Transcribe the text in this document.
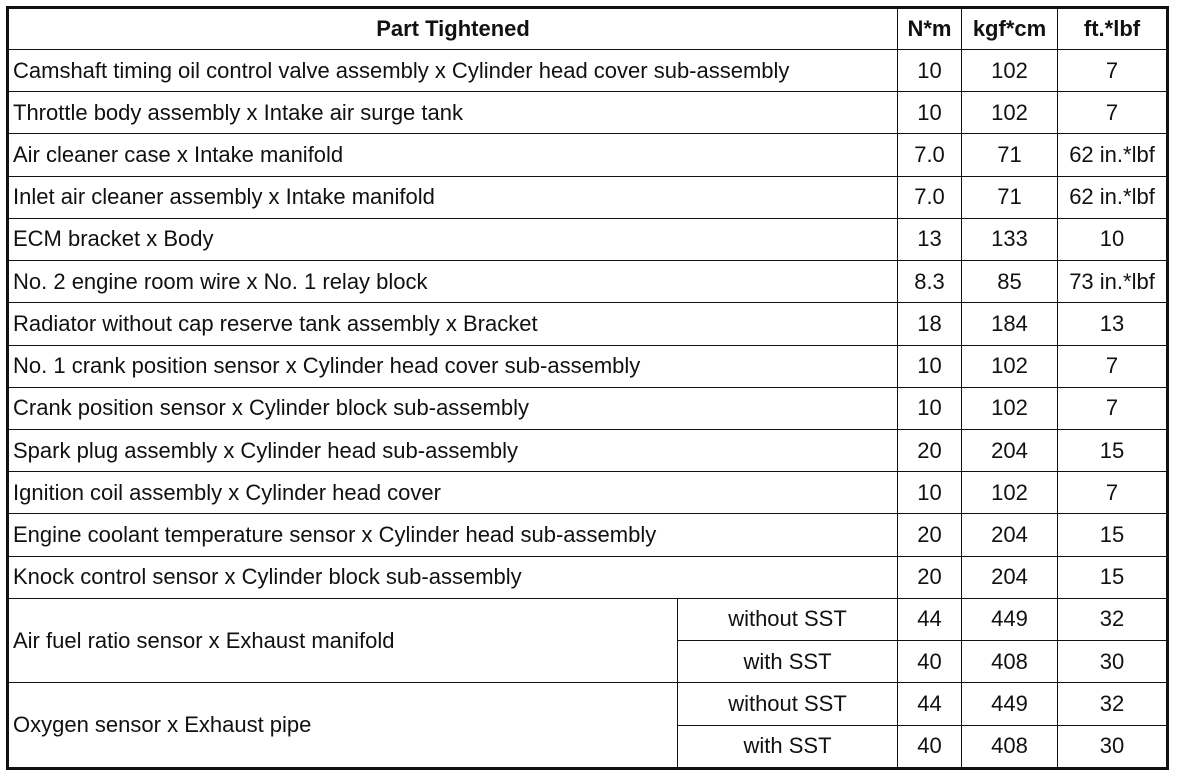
Part Tightened		N*m	kgf*cm	ft.*lbf
Camshaft timing oil control valve assembly x Cylinder head cover sub-assembly		10	102	7
Throttle body assembly x Intake air surge tank		10	102	7
Air cleaner case x Intake manifold		7.0	71	62 in.*lbf
Inlet air cleaner assembly x Intake manifold		7.0	71	62 in.*lbf
ECM bracket x Body		13	133	10
No. 2 engine room wire x No. 1 relay block		8.3	85	73 in.*lbf
Radiator without cap reserve tank assembly x Bracket		18	184	13
No. 1 crank position sensor x Cylinder head cover sub-assembly		10	102	7
Crank position sensor x Cylinder block sub-assembly		10	102	7
Spark plug assembly x Cylinder head sub-assembly		20	204	15
Ignition coil assembly x Cylinder head cover		10	102	7
Engine coolant temperature sensor x Cylinder head sub-assembly		20	204	15
Knock control sensor x Cylinder block sub-assembly		20	204	15
Air fuel ratio sensor x Exhaust manifold	without SST	44	449	32
	with SST	40	408	30
Oxygen sensor x Exhaust pipe	without SST	44	449	32
	with SST	40	408	30
